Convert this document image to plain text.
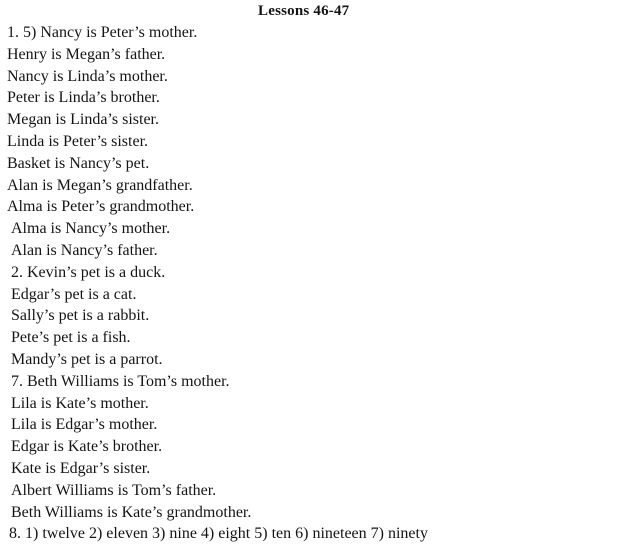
Lessons 46-47
1. 5) Nancy is Peter’s mother.
Henry is Megan’s father.
Nancy is Linda’s mother.
Peter is Linda’s brother.
Megan is Linda’s sister.
Linda is Peter’s sister.
Basket is Nancy’s pet.
Alan is Megan’s grandfather.
Alma is Peter’s grandmother.
Alma is Nancy’s mother.
Alan is Nancy’s father.
2. Kevin’s pet is a duck.
Edgar’s pet is a cat.
Sally’s pet is a rabbit.
Pete’s pet is a fish.
Mandy’s pet is a parrot.
7. Beth Williams is Tom’s mother.
Lila is Kate’s mother.
Lila is Edgar’s mother.
Edgar is Kate’s brother.
Kate is Edgar’s sister.
Albert Williams is Tom’s father.
Beth Williams is Kate’s grandmother.
8. 1) twelve 2) eleven 3) nine 4) eight 5) ten 6) nineteen 7) ninety
